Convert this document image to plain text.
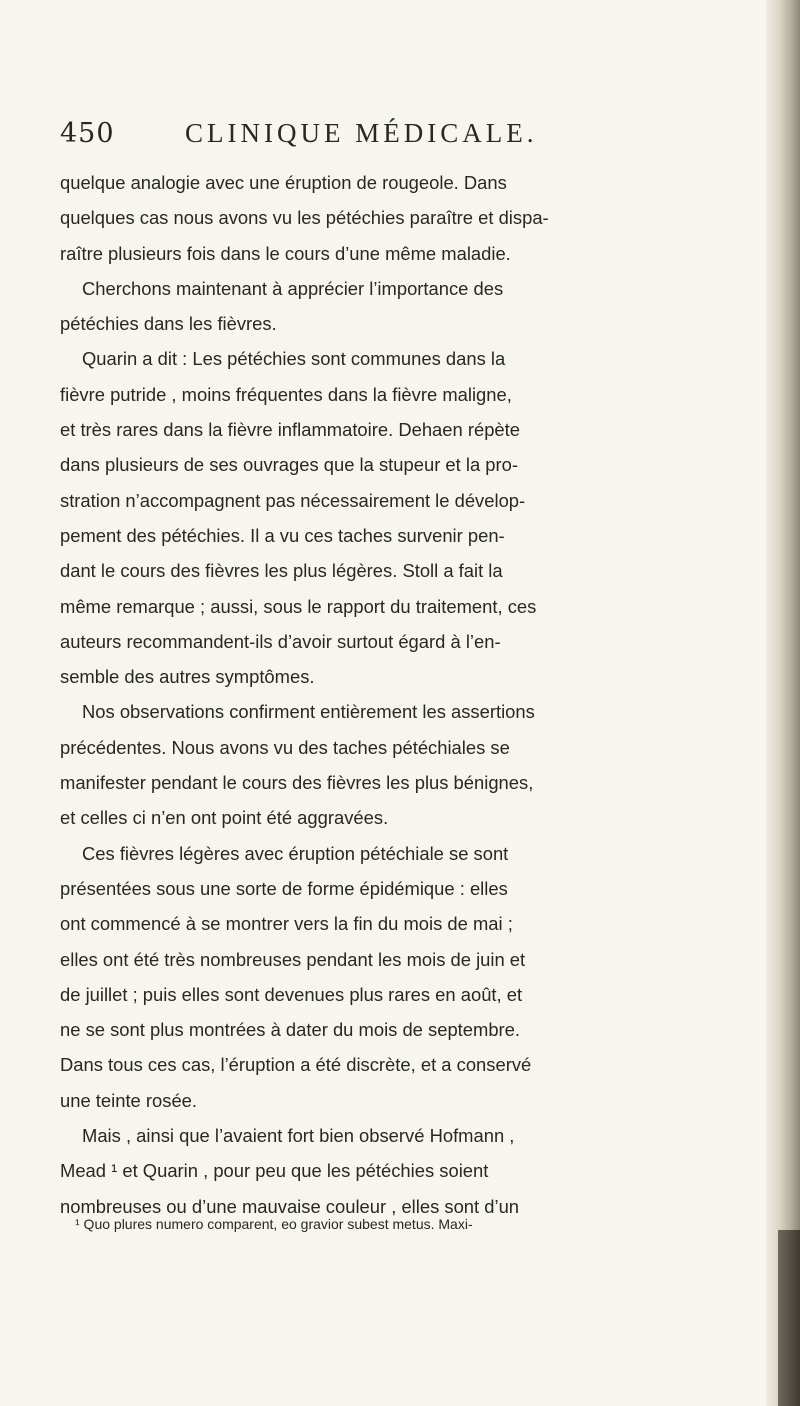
450	CLINIQUE MÉDICALE.
quelque analogie avec une éruption de rougeole. Dans
quelques cas nous avons vu les pétéchies paraître et dispa-
raître plusieurs fois dans le cours d’une même maladie.
Cherchons maintenant à apprécier l’importance des
pétéchies dans les fièvres.
Quarin a dit : Les pétéchies sont communes dans la
fièvre putride , moins fréquentes dans la fièvre maligne,
et très rares dans la fièvre inflammatoire. Dehaen répète
dans plusieurs de ses ouvrages que la stupeur et la pro-
stration n’accompagnent pas nécessairement le dévelop-
pement des pétéchies. Il a vu ces taches survenir pen-
dant le cours des fièvres les plus légères. Stoll a fait la
même remarque ; aussi, sous le rapport du traitement, ces
auteurs recommandent-ils d’avoir surtout égard à l’en-
semble des autres symptômes.
Nos observations confirment entièrement les assertions
précédentes. Nous avons vu des taches pétéchiales se
manifester pendant le cours des fièvres les plus bénignes,
et celles ci n’en ont point été aggravées.
Ces fièvres légères avec éruption pétéchiale se sont
présentées sous une sorte de forme épidémique : elles
ont commencé à se montrer vers la fin du mois de mai ;
elles ont été très nombreuses pendant les mois de juin et
de juillet ; puis elles sont devenues plus rares en août, et
ne se sont plus montrées à dater du mois de septembre.
Dans tous ces cas, l’éruption a été discrète, et a conservé
une teinte rosée.
Mais , ainsi que l’avaient fort bien observé Hofmann ,
Mead ¹ et Quarin , pour peu que les pétéchies soient
nombreuses ou d’une mauvaise couleur , elles sont d’un
¹ Quo plures numero comparent, eo gravior subest metus. Maxi-
